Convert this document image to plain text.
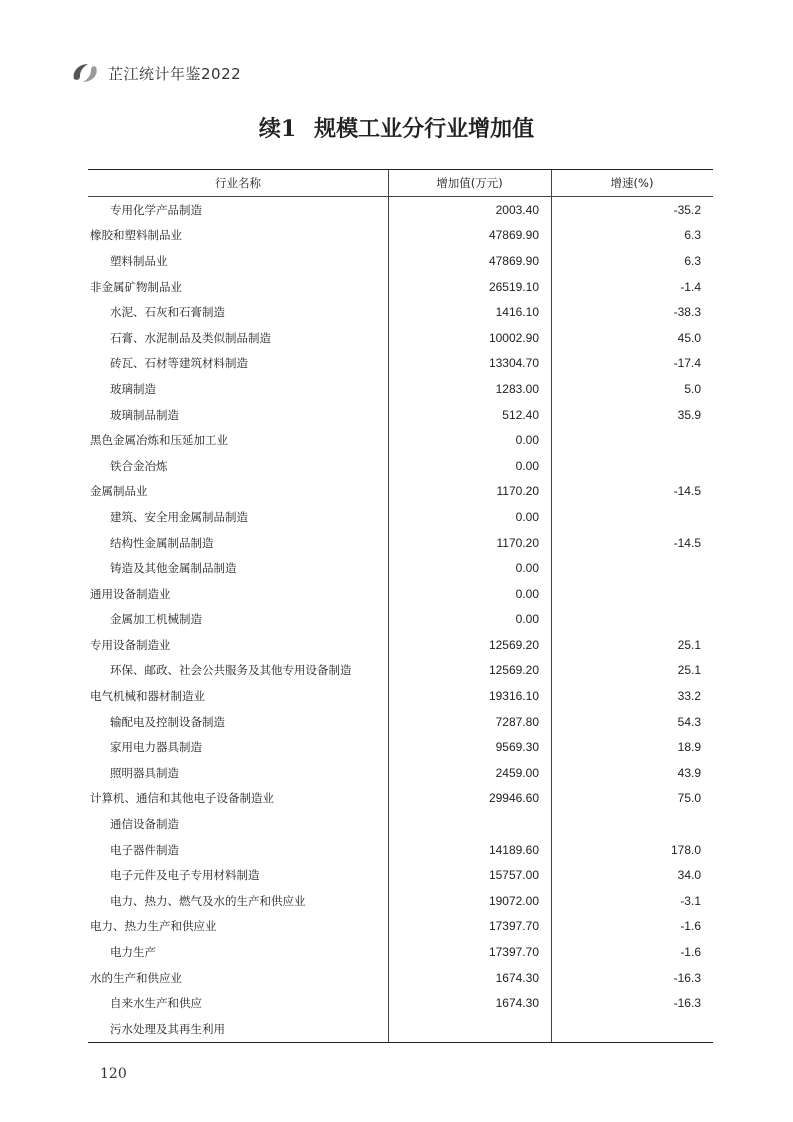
芷江统计年鉴2022
续1 规模工业分行业增加值
行业名称	增加值(万元)	增速(%)
专用化学产品制造	2003.40	-35.2
橡胶和塑料制品业	47869.90	6.3
塑料制品业	47869.90	6.3
非金属矿物制品业	26519.10	-1.4
水泥、石灰和石膏制造	1416.10	-38.3
石膏、水泥制品及类似制品制造	10002.90	45.0
砖瓦、石材等建筑材料制造	13304.70	-17.4
玻璃制造	1283.00	5.0
玻璃制品制造	512.40	35.9
黑色金属冶炼和压延加工业	0.00
铁合金冶炼	0.00
金属制品业	1170.20	-14.5
建筑、安全用金属制品制造	0.00
结构性金属制品制造	1170.20	-14.5
铸造及其他金属制品制造	0.00
通用设备制造业	0.00
金属加工机械制造	0.00
专用设备制造业	12569.20	25.1
环保、邮政、社会公共服务及其他专用设备制造	12569.20	25.1
电气机械和器材制造业	19316.10	33.2
输配电及控制设备制造	7287.80	54.3
家用电力器具制造	9569.30	18.9
照明器具制造	2459.00	43.9
计算机、通信和其他电子设备制造业	29946.60	75.0
通信设备制造
电子器件制造	14189.60	178.0
电子元件及电子专用材料制造	15757.00	34.0
电力、热力、燃气及水的生产和供应业	19072.00	-3.1
电力、热力生产和供应业	17397.70	-1.6
电力生产	17397.70	-1.6
水的生产和供应业	1674.30	-16.3
自来水生产和供应	1674.30	-16.3
污水处理及其再生利用
120
